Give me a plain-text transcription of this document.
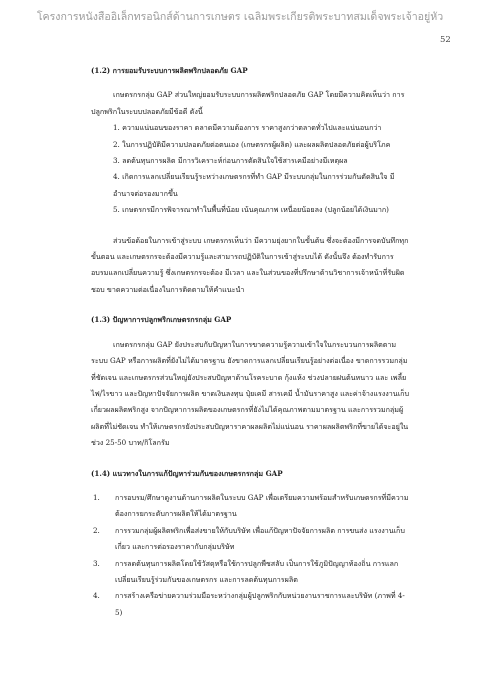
โครงการหนังสืออิเล็กทรอนิกส์ด้านการเกษตร เฉลิมพระเกียรติพระบาทสมเด็จพระเจ้าอยู่หัว
52

(1.2) การยอมรับระบบการผลิตพริกปลอดภัย GAP

เกษตรกรกลุ่ม GAP ส่วนใหญ่ยอมรับระบบการผลิตพริกปลอดภัย GAP โดยมีความคิดเห็นว่า การปลูกพริกในระบบปลอดภัยมีข้อดี ดังนี้

1. ความแน่นอนของราคา ตลาดมีความต้องการ ราคาสูงกว่าตลาดทั่วไปและแน่นอนกว่า

2. ในการปฏิบัติมีความปลอดภัยต่อตนเอง (เกษตรกรผู้ผลิต) และผลผลิตปลอดภัยต่อผู้บริโภค

3. ลดต้นทุนการผลิต มีการวิเคราะห์ก่อนการตัดสินใจใช้สารเคมีอย่างมีเหตุผล

4. เกิดการแลกเปลี่ยนเรียนรู้ระหว่างเกษตรกรที่ทำ GAP มีระบบกลุ่มในการร่วมกันตัดสินใจ มีอำนาจต่อรองมากขึ้น

5. เกษตรกรมีการพิจารณาทำในพื้นที่น้อย เน้นคุณภาพ เหนื่อยน้อยลง (ปลูกน้อยได้เงินมาก)

ส่วนข้อด้อยในการเข้าสู่ระบบ เกษตรกรเห็นว่า มีความยุ่งยากในขั้นต้น ซึ่งจะต้องมีการจดบันทึกทุกขั้นตอน และเกษตรกรจะต้องมีความรู้และสามารถปฏิบัติในการเข้าสู่ระบบได้ ดังนั้นจึง ต้องทำรับการอบรมแลกเปลี่ยนความรู้ ซึ่งเกษตรกรจะต้อง มีเวลา และในส่วนของที่ปรึกษาด้านวิชาการเจ้าหน้าที่รับผิดชอบ ขาดความต่อเนื่องในการติดตามให้คำแนะนำ

(1.3) ปัญหาการปลูกพริกเกษตรกรกลุ่ม GAP

เกษตรกรกลุ่ม GAP ยังประสบกับปัญหาในการขาดความรู้ความเข้าใจในกระบวนการผลิตตามระบบ GAP หรือการผลิตที่ยังไม่ได้มาตรฐาน ยังขาดการแลกเปลี่ยนเรียนรู้อย่างต่อเนื่อง ขาดการรวมกลุ่มที่ชัดเจน และเกษตรกรส่วนใหญ่ยังประสบปัญหาด้านโรคระบาด กุ้งแห้ง ช่วงปลายฝนต้นหนาว และ เพลี้ยไฟ/ไรขาว และปัญหาปัจจัยการผลิต ขาดเงินลงทุน ปุ๋ยเคมี สารเคมี น้ำมันราคาสูง และค่าจ้างแรงงานเก็บเกี่ยวผลผลิตพริกสูง จากปัญหาการผลิตของเกษตรกรที่ยังไม่ได้คุณภาพตามมาตรฐาน และการรวมกลุ่มผู้ผลิตที่ไม่ชัดเจน ทำให้เกษตรกรยังประสบปัญหาราคาผลผลิตไม่แน่นอน ราคาผลผลิตพริกที่ขายได้จะอยู่ในช่วง 25-50 บาท/กิโลกรัม

(1.4) แนวทางในการแก้ปัญหาร่วมกันของเกษตรกรกลุ่ม GAP

1.	การอบรม/ศึกษาดูงานด้านการผลิตในระบบ GAP เพื่อเตรียมความพร้อมสำหรับเกษตรกรที่มีความต้องการยกระดับการผลิตให้ได้มาตรฐาน
2.	การรวมกลุ่มผู้ผลิตพริกเพื่อส่งขายให้กับบริษัท เพื่อแก้ปัญหาปัจจัยการผลิต การขนส่ง แรงงานเก็บเกี่ยว และการต่อรองราคากับกลุ่มบริษัท
3.	การลดต้นทุนการผลิตโดยใช้วัสดุหรือใช้การปลูกพืชสลับ เป็นการใช้ภูมิปัญญาท้องถิ่น การแลกเปลี่ยนเรียนรู้ร่วมกันของเกษตรกร และการลดต้นทุนการผลิต
4.	การสร้างเครือข่ายความร่วมมือระหว่างกลุ่มผู้ปลูกพริกกับหน่วยงานราชการและบริษัท (ภาพที่ 4-5)
